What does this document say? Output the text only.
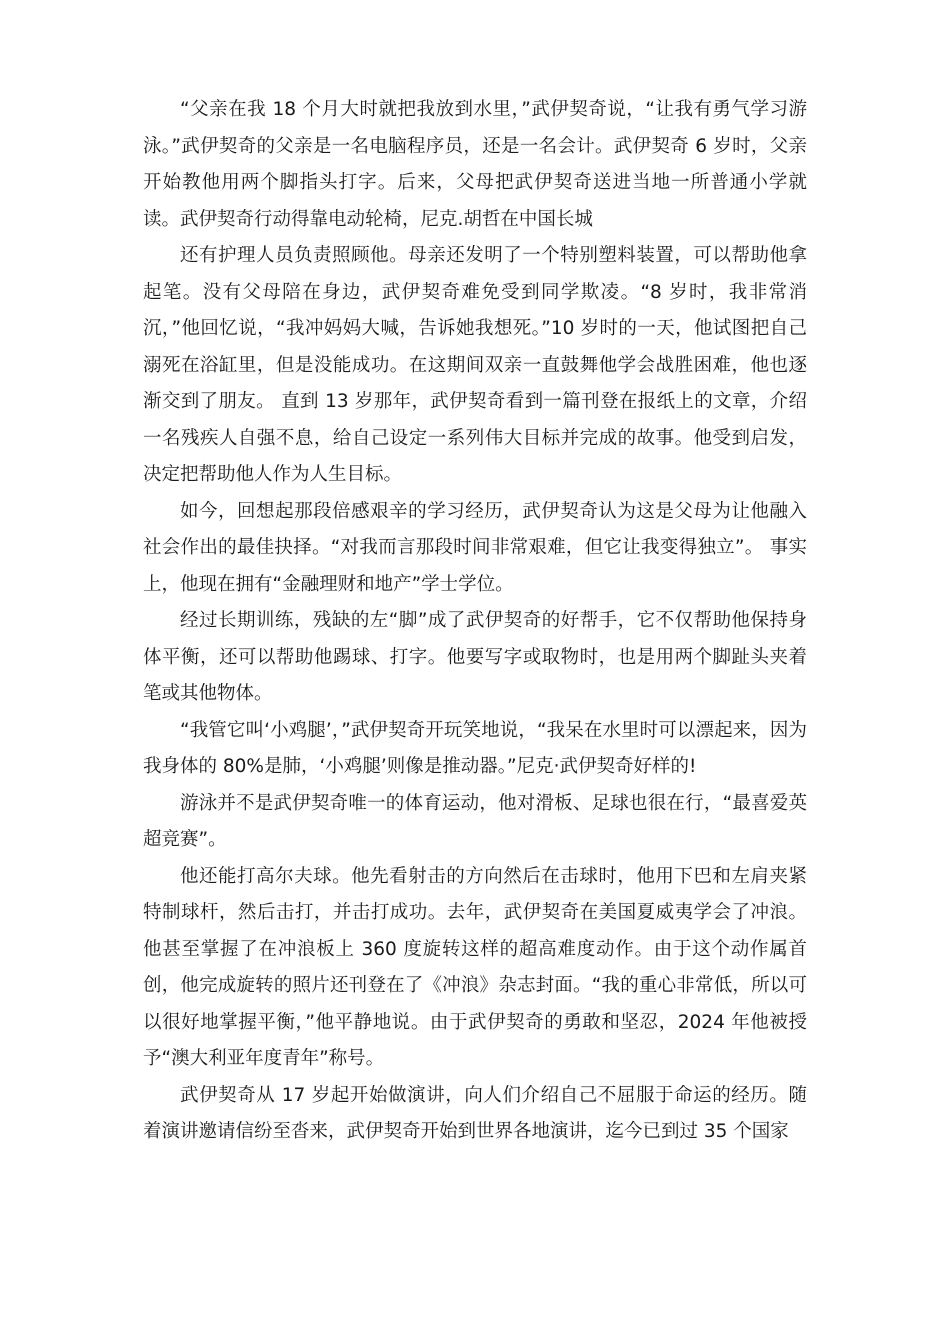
“父亲在我 18 个月大时就把我放到水里，”武伊契奇说，“让我有勇气学习游泳。”武伊契奇的父亲是一名电脑程序员，还是一名会计。武伊契奇 6 岁时，父亲开始教他用两个脚指头打字。后来，父母把武伊契奇送进当地一所普通小学就读。武伊契奇行动得靠电动轮椅，尼克.胡哲在中国长城

还有护理人员负责照顾他。母亲还发明了一个特别塑料装置，可以帮助他拿起笔。没有父母陪在身边，武伊契奇难免受到同学欺凌。“8 岁时，我非常消沉，”他回忆说，“我冲妈妈大喊，告诉她我想死。”10 岁时的一天，他试图把自己溺死在浴缸里，但是没能成功。在这期间双亲一直鼓舞他学会战胜困难，他也逐渐交到了朋友。 直到 13 岁那年，武伊契奇看到一篇刊登在报纸上的文章，介绍一名残疾人自强不息，给自己设定一系列伟大目标并完成的故事。他受到启发，决定把帮助他人作为人生目标。

如今，回想起那段倍感艰辛的学习经历，武伊契奇认为这是父母为让他融入社会作出的最佳抉择。“对我而言那段时间非常艰难，但它让我变得独立”。 事实上，他现在拥有“金融理财和地产”学士学位。

经过长期训练，残缺的左“脚”成了武伊契奇的好帮手，它不仅帮助他保持身体平衡，还可以帮助他踢球、打字。他要写字或取物时，也是用两个脚趾头夹着笔或其他物体。

“我管它叫‘小鸡腿’，”武伊契奇开玩笑地说，“我呆在水里时可以漂起来，因为我身体的 80%是肺，‘小鸡腿’则像是推动器。”尼克·武伊契奇好样的!

游泳并不是武伊契奇唯一的体育运动，他对滑板、足球也很在行，“最喜爱英超竞赛”。

他还能打高尔夫球。他先看射击的方向然后在击球时，他用下巴和左肩夹紧特制球杆，然后击打，并击打成功。去年，武伊契奇在美国夏威夷学会了冲浪。他甚至掌握了在冲浪板上 360 度旋转这样的超高难度动作。由于这个动作属首创，他完成旋转的照片还刊登在了《冲浪》杂志封面。“我的重心非常低，所以可以很好地掌握平衡，”他平静地说。由于武伊契奇的勇敢和坚忍，2024 年他被授予“澳大利亚年度青年”称号。

武伊契奇从 17 岁起开始做演讲，向人们介绍自己不屈服于命运的经历。随着演讲邀请信纷至沓来，武伊契奇开始到世界各地演讲，迄今已到过 35 个国家
